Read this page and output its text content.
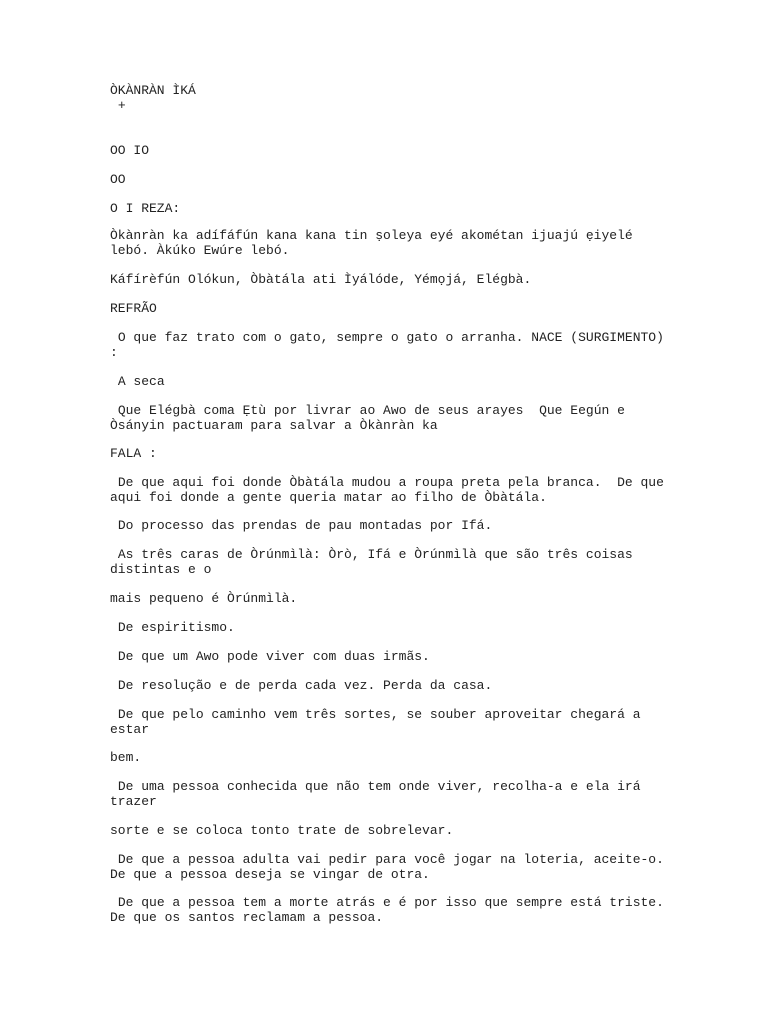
ÒKÀNRÀN ÌKÁ
+
OO IO
OO
O I REZA:
Òkànràn ka adífáfún kana kana tin ṣoleya eyé akométan ijuajú ẹiyelé lebó. Àkúko Ewúre lebó.
Káfírèfún Olókun, Òbàtála ati Ìyálóde, Yémọjá, Elégbà.
REFRÃO
O que faz trato com o gato, sempre o gato o arranha. NACE (SURGIMENTO) :
A seca
Que Elégbà coma Ẹtù por livrar ao Awo de seus arayes  Que Eegún e Òsányin pactuaram para salvar a Òkànràn ka
FALA :
De que aqui foi donde Òbàtála mudou a roupa preta pela branca.  De que aqui foi donde a gente queria matar ao filho de Òbàtála.
Do processo das prendas de pau montadas por Ifá.
As três caras de Òrúnmìlà: Òrò, Ifá e Òrúnmìlà que são três coisas distintas e o
mais pequeno é Òrúnmìlà.
De espiritismo.
De que um Awo pode viver com duas irmãs.
De resolução e de perda cada vez. Perda da casa.
De que pelo caminho vem três sortes, se souber aproveitar chegará a estar
bem.
De uma pessoa conhecida que não tem onde viver, recolha-a e ela irá trazer
sorte e se coloca tonto trate de sobrelevar.
De que a pessoa adulta vai pedir para você jogar na loteria, aceite-o.  De que a pessoa deseja se vingar de otra.
De que a pessoa tem a morte atrás e é por isso que sempre está triste.  De que os santos reclamam a pessoa.
